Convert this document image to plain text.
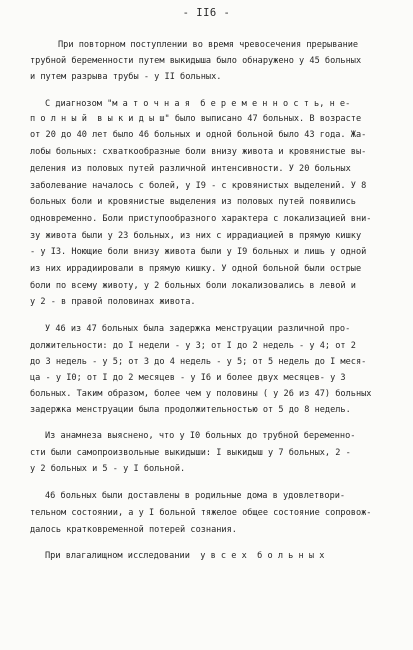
- II6 -
При повторном поступлении во время чревосечения прерывание
трубной беременности путем выкидыша было обнаружено у 45 больных
и путем разрыва трубы - у II больных.
С диагнозом "м а т о ч н а я  б е р е м е н н о с т ь, н е-
п о л н ы й  в ы к и д ы ш" было выписано 47 больных. В возрасте
от 20 до 40 лет было 46 больных и одной больной было 43 года. Жа-
лобы больных: схваткообразные боли внизу живота и кровянистые вы-
деления из половых путей различной интенсивности. У 20 больных
заболевание началось с болей, у I9 - с кровянистых выделений. У 8
больных боли и кровянистые выделения из половых путей появились
одновременно. Боли приступообразного характера с локализацией вни-
зу живота были у 23 больных, из них с иррадиацией в прямую кишку
- у I3. Ноющие боли внизу живота были у I9 больных и лишь у одной
из них иррадиировали в прямую кишку. У одной больной были острые
боли по всему животу, у 2 больных боли локализовались в левой и
у 2 - в правой половинах живота.
У 46 из 47 больных была задержка менструации различной про-
должительности: до I недели - у 3; от I до 2 недель - у 4; от 2
до 3 недель - у 5; от 3 до 4 недель - у 5; от 5 недель до I меся-
ца - у I0; от I до 2 месяцев - у I6 и более двух месяцев- у 3
больных. Таким образом, более чем у половины ( у 26 из 47) больных
задержка менструации была продолжительностью от 5 до 8 недель.
Из анамнеза выяснено, что у I0 больных до трубной беременно-
сти были самопроизвольные выкидыши: I выкидыш у 7 больных, 2 -
у 2 больных и 5 - у I больной.
46 больных были доставлены в родильные дома в удовлетвори-
тельном состоянии, а у I больной тяжелое общее состояние сопровож-
далось кратковременной потерей сознания.
При влагалищном исследовании  у в с е х  б о л ь н ы х
